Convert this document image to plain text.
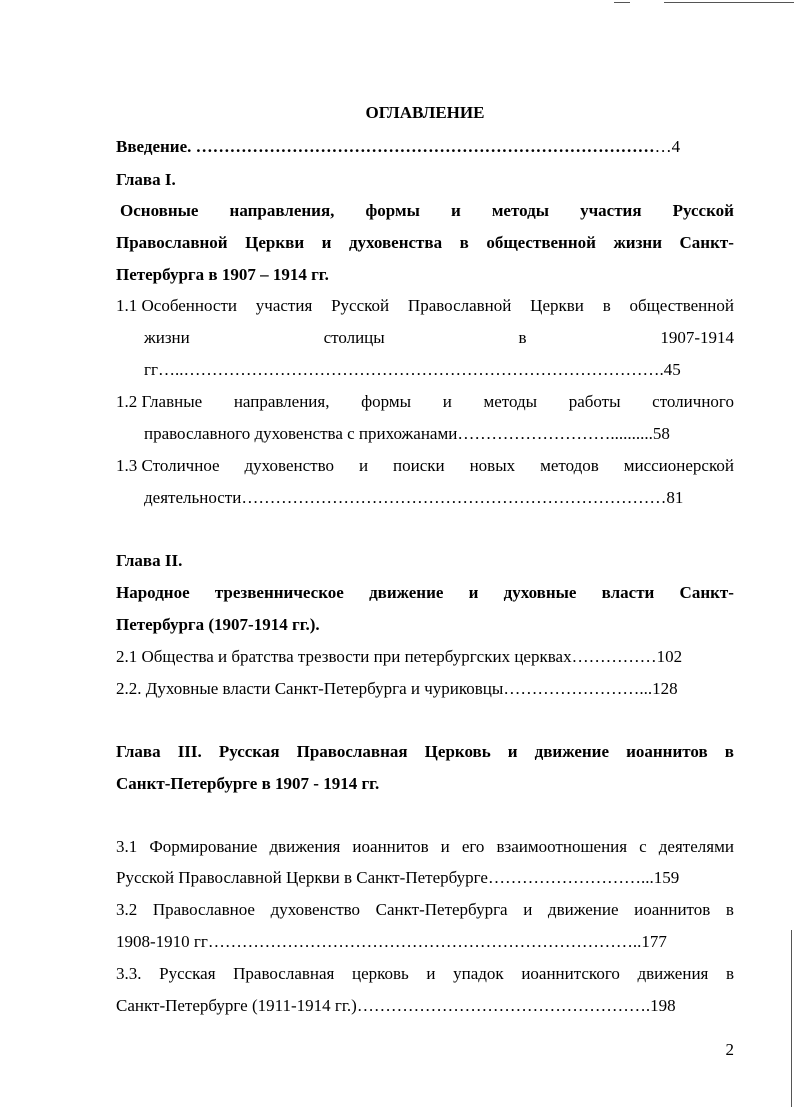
ОГЛАВЛЕНИЕ
Введение. …………………………………………………………………………4
Глава I.
Основные направления, формы и методы участия Русской
Православной Церкви и духовенства в общественной жизни Санкт-
Петербурга в 1907 – 1914 гг.
1.1 Особенности участия Русской Православной Церкви в общественной
жизни	столицы	в	1907-1914
гг…..………………………………………………………………………….45
1.2 Главные направления, формы и методы работы столичного
православного духовенства с прихожанами………………………..........58
1.3 Столичное духовенство и поиски новых методов миссионерской
деятельности…………………………………………………………………81
Глава II.
Народное трезвенническое движение и духовные власти Санкт-
Петербурга (1907-1914 гг.).
2.1 Общества и братства трезвости при петербургских церквах……………102
2.2. Духовные власти Санкт-Петербурга и чуриковцы……………………...128
Глава III. Русская Православная Церковь и движение иоаннитов в
Санкт-Петербурге в 1907 - 1914 гг.
3.1 Формирование движения иоаннитов и его взаимоотношения с деятелями
Русской Православной Церкви в Санкт-Петербурге………………………...159
3.2 Православное духовенство Санкт-Петербурга и движение иоаннитов в
1908-1910 гг…………………………………………………………………..177
3.3. Русская Православная церковь и упадок иоаннитского движения в
Санкт-Петербурге (1911-1914 гг.)…………………………………………….198
2
